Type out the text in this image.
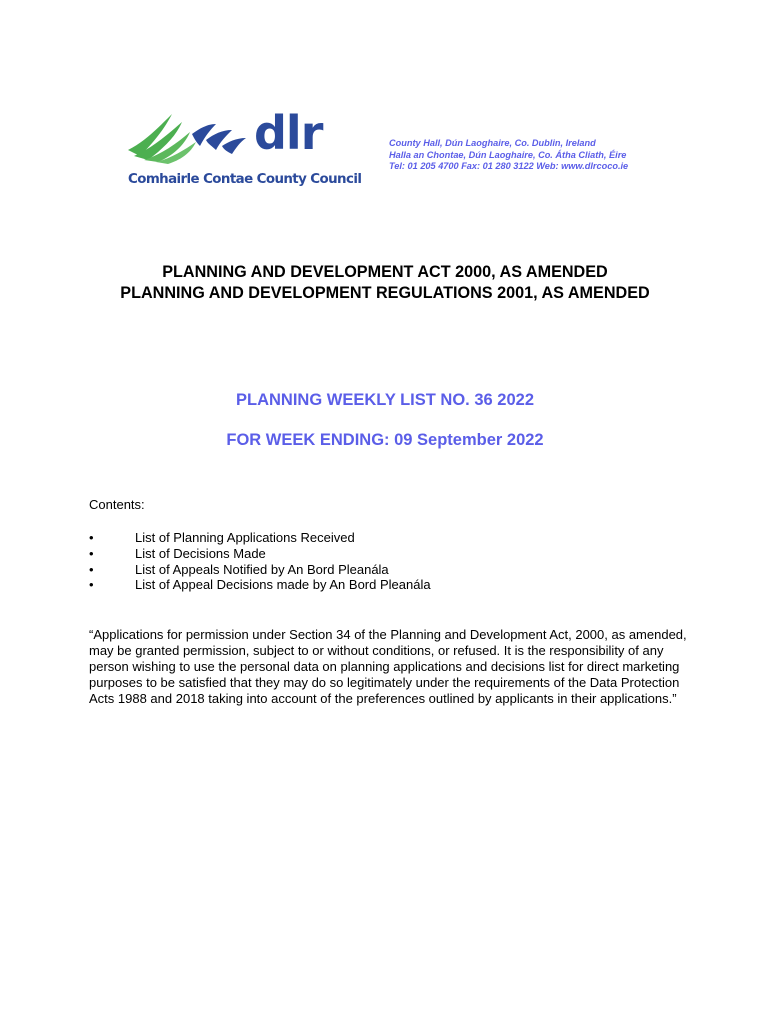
dlr
Comhairle Contae County Council
County Hall, Dún Laoghaire, Co. Dublin, Ireland
Halla an Chontae, Dún Laoghaire, Co. Átha Cliath, Éire
Tel: 01 205 4700 Fax: 01 280 3122 Web: www.dlrcoco.ie
PLANNING AND DEVELOPMENT ACT 2000, AS AMENDED
PLANNING AND DEVELOPMENT REGULATIONS 2001, AS AMENDED
PLANNING WEEKLY LIST NO. 36 2022
FOR WEEK ENDING: 09 September 2022
Contents:
•	List of Planning Applications Received
•	List of Decisions Made
•	List of Appeals Notified by An Bord Pleanála
•	List of Appeal Decisions made by An Bord Pleanála

“Applications for permission under Section 34 of the Planning and Development Act, 2000, as amended, may be granted permission, subject to or without conditions, or refused. It is the responsibility of any person wishing to use the personal data on planning applications and decisions list for direct marketing purposes to be satisfied that they may do so legitimately under the requirements of the Data Protection Acts 1988 and 2018 taking into account of the preferences outlined by applicants in their applications.”
